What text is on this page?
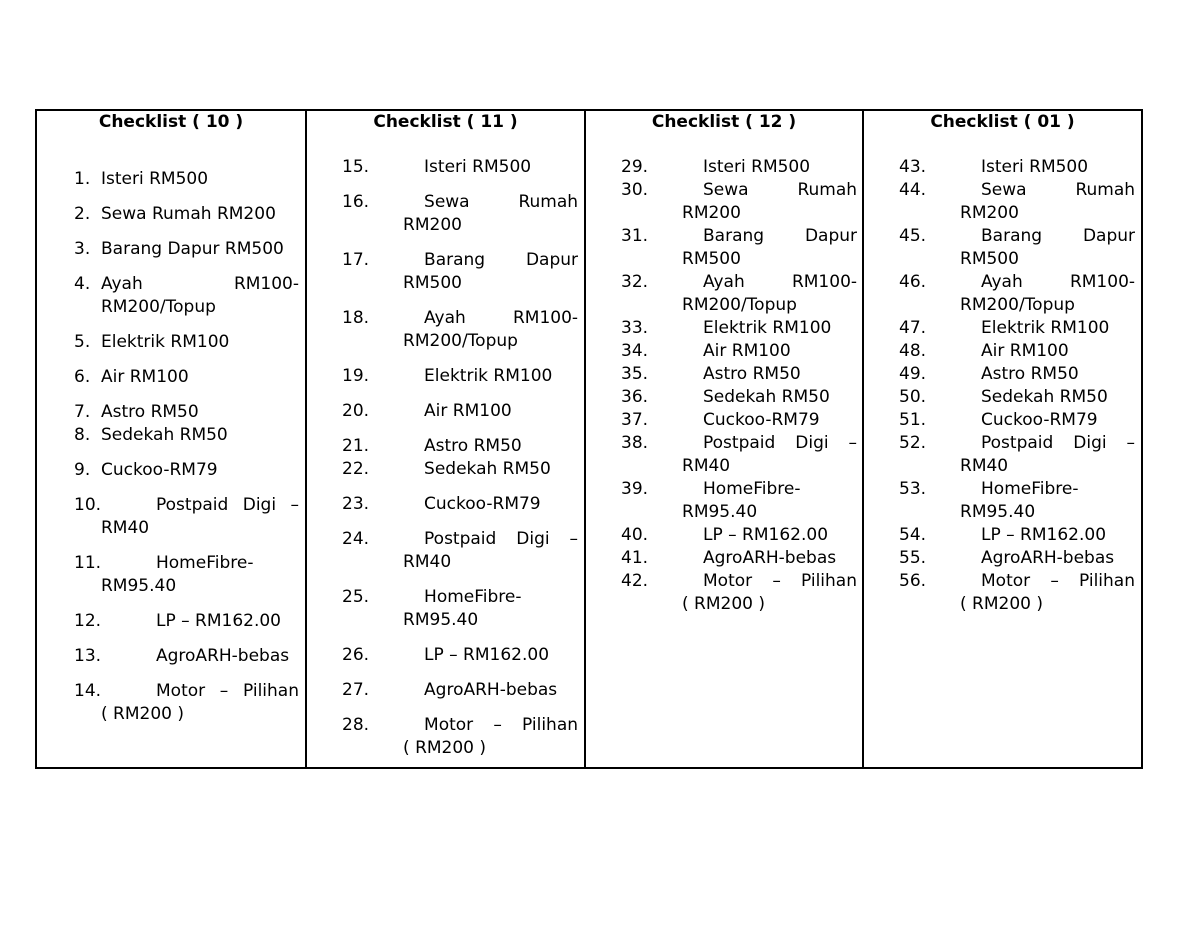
Checklist ( 10 )
1. Isteri RM500
2. Sewa Rumah RM200
3. Barang Dapur RM500
4. Ayah	RM100-
RM200/Topup
5. Elektrik RM100
6. Air RM100
7. Astro RM50
8. Sedekah RM50
9. Cuckoo-RM79
10.	Postpaid Digi –
RM40
11.	HomeFibre-
RM95.40
12.	LP – RM162.00
13.	AgroARH-bebas
14.	Motor – Pilihan
( RM200 )
Checklist ( 11 )
15.	Isteri RM500
16.	Sewa	Rumah
RM200
17.	Barang Dapur
RM500
18.	Ayah	RM100-
RM200/Topup
19.	Elektrik RM100
20.	Air RM100
21.	Astro RM50
22.	Sedekah RM50
23.	Cuckoo-RM79
24.	Postpaid Digi –
RM40
25.	HomeFibre-
RM95.40
26.	LP – RM162.00
27.	AgroARH-bebas
28.	Motor – Pilihan
( RM200 )
Checklist ( 12 )
29.	Isteri RM500
30.	Sewa	Rumah
RM200
31.	Barang Dapur
RM500
32.	Ayah	RM100-
RM200/Topup
33.	Elektrik RM100
34.	Air RM100
35.	Astro RM50
36.	Sedekah RM50
37.	Cuckoo-RM79
38.	Postpaid Digi –
RM40
39.	HomeFibre-
RM95.40
40.	LP – RM162.00
41.	AgroARH-bebas
42.	Motor – Pilihan
( RM200 )
Checklist ( 01 )
43.	Isteri RM500
44.	Sewa	Rumah
RM200
45.	Barang Dapur
RM500
46.	Ayah	RM100-
RM200/Topup
47.	Elektrik RM100
48.	Air RM100
49.	Astro RM50
50.	Sedekah RM50
51.	Cuckoo-RM79
52.	Postpaid Digi –
RM40
53.	HomeFibre-
RM95.40
54.	LP – RM162.00
55.	AgroARH-bebas
56.	Motor – Pilihan
( RM200 )
